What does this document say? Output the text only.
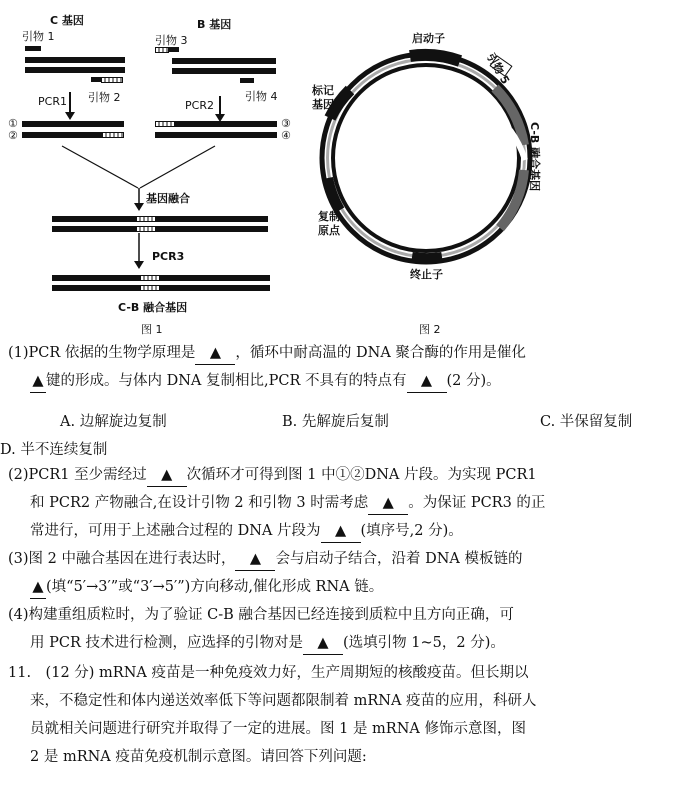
C 基因	B 基因
引物 1	引物 3
引物 2	引物 4
PCR1	PCR2
①
②
③
④
基因融合
PCR3
C-B 融合基因
图 1
启动子
引物 5
标记
基因
C-B 融合基因
复制
原点
终止子
图 2
(1)PCR 依据的生物学原理是 ▲ ，循环中耐高温的 DNA 聚合酶的作用是催化
▲ 键的形成。与体内 DNA 复制相比,PCR 不具有的特点有 ▲ (2 分)。
A. 边解旋边复制	B. 先解旋后复制	C. 半保留复制
D. 半不连续复制
(2)PCR1 至少需经过 ▲ 次循环才可得到图 1 中①②DNA 片段。为实现 PCR1
和 PCR2 产物融合,在设计引物 2 和引物 3 时需考虑 ▲ 。为保证 PCR3 的正
常进行，可用于上述融合过程的 DNA 片段为 ▲ (填序号,2 分)。
(3)图 2 中融合基因在进行表达时， ▲ 会与启动子结合，沿着 DNA 模板链的
▲ (填“5′→3′”或“3′→5′”)方向移动,催化形成 RNA 链。
(4)构建重组质粒时，为了验证 C-B 融合基因已经连接到质粒中且方向正确，可
用 PCR 技术进行检测，应选择的引物对是 ▲ (选填引物 1~5，2 分)。
11.　(12 分) mRNA 疫苗是一种免疫效力好，生产周期短的核酸疫苗。但长期以
来，不稳定性和体内递送效率低下等问题都限制着 mRNA 疫苗的应用，科研人
员就相关问题进行研究并取得了一定的进展。图 1 是 mRNA 修饰示意图，图
2 是 mRNA 疫苗免疫机制示意图。请回答下列问题:
